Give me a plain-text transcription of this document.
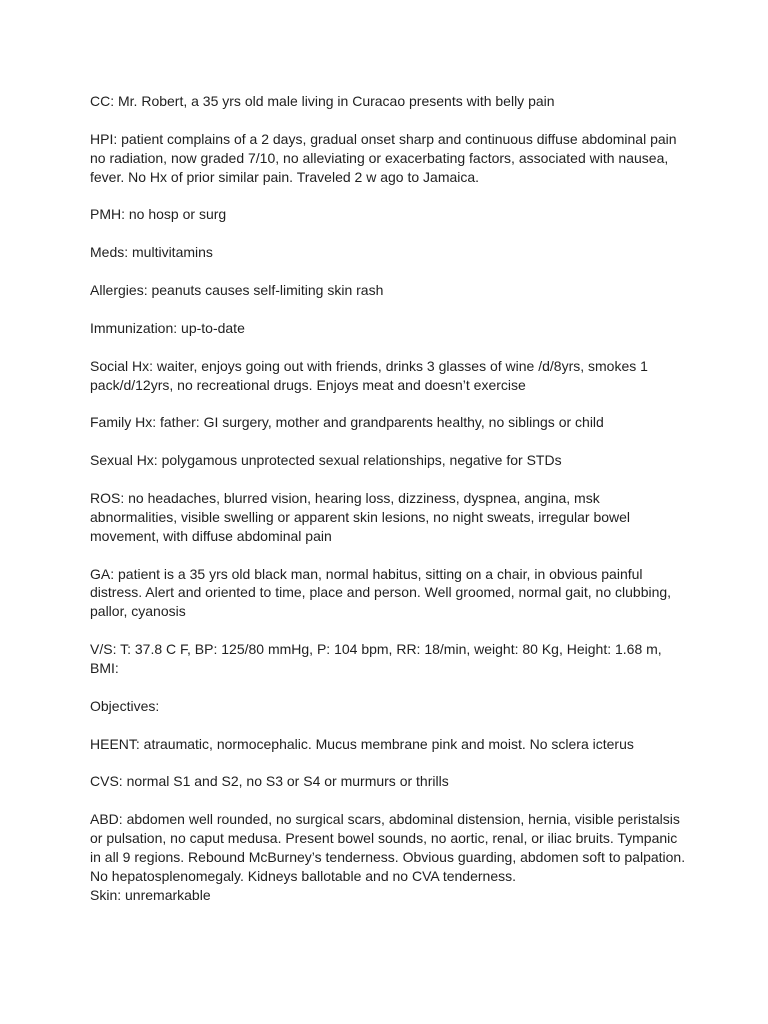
CC: Mr. Robert, a 35 yrs old male living in Curacao presents with belly pain

HPI: patient complains of a 2 days, gradual onset sharp and continuous diffuse abdominal pain no radiation, now graded 7/10, no alleviating or exacerbating factors, associated with nausea, fever. No Hx of prior similar pain. Traveled 2 w ago to Jamaica.

PMH: no hosp or surg

Meds: multivitamins

Allergies: peanuts causes self-limiting skin rash

Immunization: up-to-date

Social Hx: waiter, enjoys going out with friends, drinks 3 glasses of wine /d/8yrs, smokes 1 pack/d/12yrs, no recreational drugs. Enjoys meat and doesn’t exercise

Family Hx: father: GI surgery, mother and grandparents healthy, no siblings or child

Sexual Hx: polygamous unprotected sexual relationships, negative for STDs

ROS: no headaches, blurred vision, hearing loss, dizziness, dyspnea, angina, msk abnormalities, visible swelling or apparent skin lesions, no night sweats, irregular bowel movement, with diffuse abdominal pain

GA: patient is a 35 yrs old black man, normal habitus, sitting on a chair, in obvious painful distress. Alert and oriented to time, place and person. Well groomed, normal gait, no clubbing, pallor, cyanosis

V/S: T: 37.8 C F, BP: 125/80 mmHg, P: 104 bpm, RR: 18/min, weight: 80 Kg, Height: 1.68 m, BMI:

Objectives:

HEENT: atraumatic, normocephalic. Mucus membrane pink and moist. No sclera icterus

CVS: normal S1 and S2, no S3 or S4 or murmurs or thrills

ABD: abdomen well rounded, no surgical scars, abdominal distension, hernia, visible peristalsis or pulsation, no caput medusa. Present bowel sounds, no aortic, renal, or iliac bruits. Tympanic in all 9 regions. Rebound McBurney’s tenderness. Obvious guarding, abdomen soft to palpation. No hepatosplenomegaly. Kidneys ballotable and no CVA tenderness.

Skin: unremarkable
